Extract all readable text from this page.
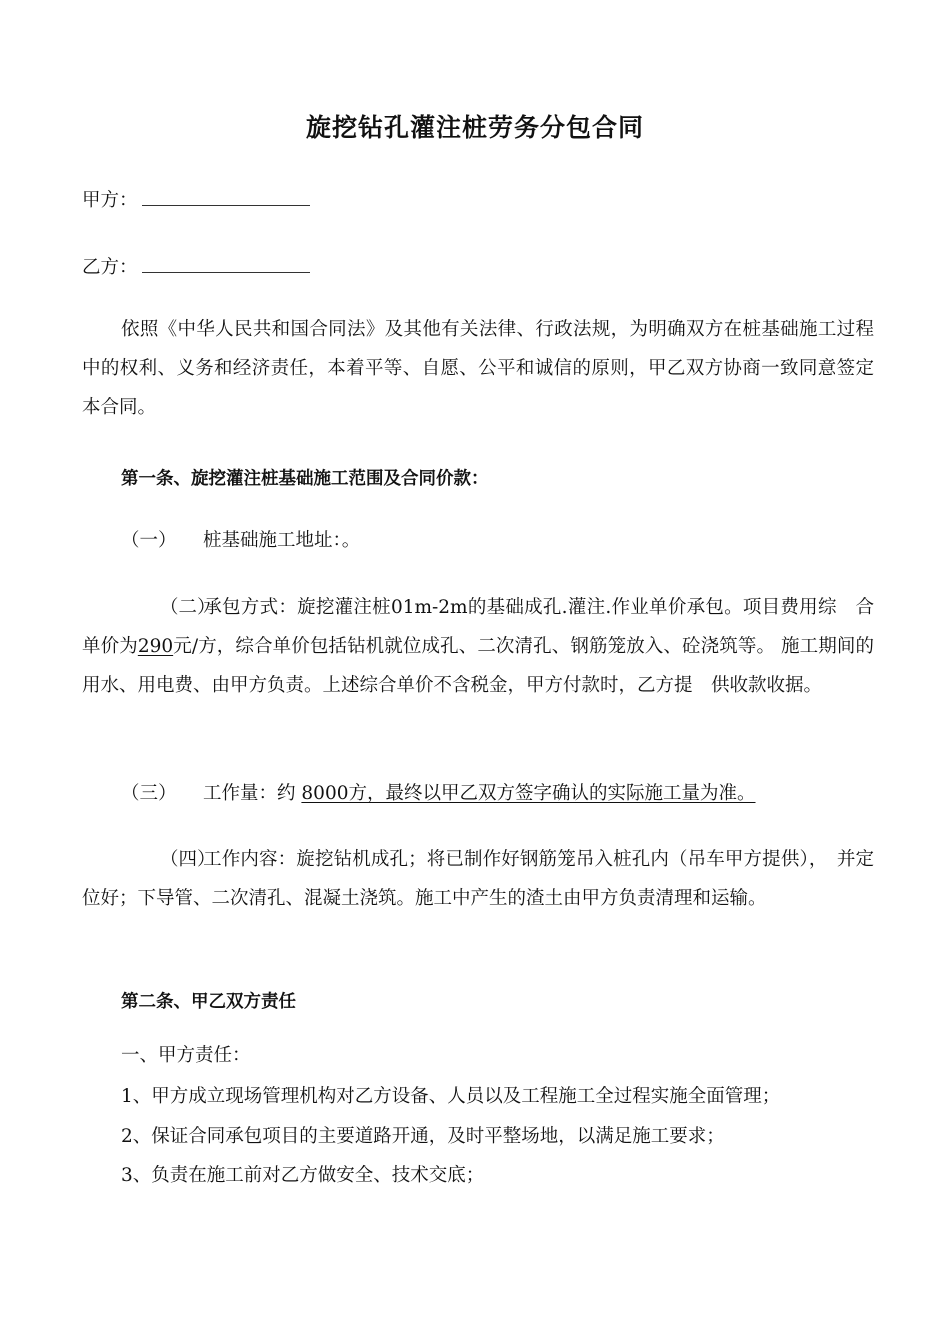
旋挖钻孔灌注桩劳务分包合同
甲方：
乙方：
依照《中华人民共和国合同法》及其他有关法律、行政法规，为明确双方在桩基础施工过程中的权利、义务和经济责任，本着平等、自愿、公平和诚信的原则，甲乙双方协商一致同意签定本合同。
第一条、旋挖灌注桩基础施工范围及合同价款：
（一） 桩基础施工地址：。
（二）承包方式：旋挖灌注桩01m-2m的基础成孔.灌注.作业单价承包。项目费用综　合单价为290元/方，综合单价包括钻机就位成孔、二次清孔、钢筋笼放入、砼浇筑等。 施工期间的用水、用电费、由甲方负责。上述综合单价不含税金，甲方付款时，乙方提　供收款收据。
（三） 工作量：约 8000方，最终以甲乙双方签字确认的实际施工量为准。
（四）工作内容：旋挖钻机成孔；将已制作好钢筋笼吊入桩孔内（吊车甲方提供），　并定位好；下导管、二次清孔、混凝土浇筑。施工中产生的渣土由甲方负责清理和运输。
第二条、甲乙双方责任
一、甲方责任：
1、甲方成立现场管理机构对乙方设备、人员以及工程施工全过程实施全面管理；
2、保证合同承包项目的主要道路开通，及时平整场地，以满足施工要求；
3、负责在施工前对乙方做安全、技术交底；
